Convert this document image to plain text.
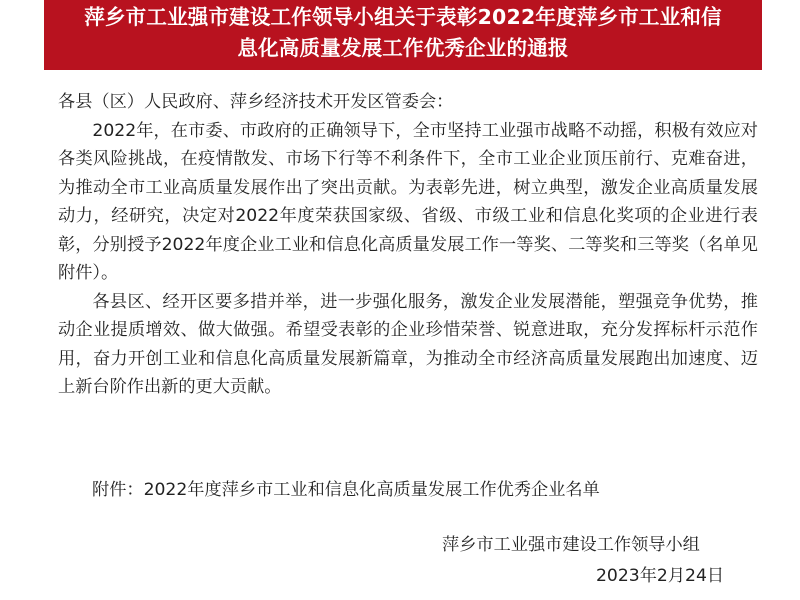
萍乡市工业强市建设工作领导小组关于表彰2022年度萍乡市工业和信
息化高质量发展工作优秀企业的通报

各县（区）人民政府、萍乡经济技术开发区管委会：

2022年，在市委、市政府的正确领导下，全市坚持工业强市战略不动摇，积极有效应对各类风险挑战，在疫情散发、市场下行等不利条件下，全市工业企业顶压前行、克难奋进，为推动全市工业高质量发展作出了突出贡献。为表彰先进，树立典型，激发企业高质量发展动力，经研究，决定对2022年度荣获国家级、省级、市级工业和信息化奖项的企业进行表彰，分别授予2022年度企业工业和信息化高质量发展工作一等奖、二等奖和三等奖（名单见附件）。

各县区、经开区要多措并举，进一步强化服务，激发企业发展潜能，塑强竞争优势，推动企业提质增效、做大做强。希望受表彰的企业珍惜荣誉、锐意进取，充分发挥标杆示范作用，奋力开创工业和信息化高质量发展新篇章，为推动全市经济高质量发展跑出加速度、迈上新台阶作出新的更大贡献。

附件：2022年度萍乡市工业和信息化高质量发展工作优秀企业名单
萍乡市工业强市建设工作领导小组
2023年2月24日
